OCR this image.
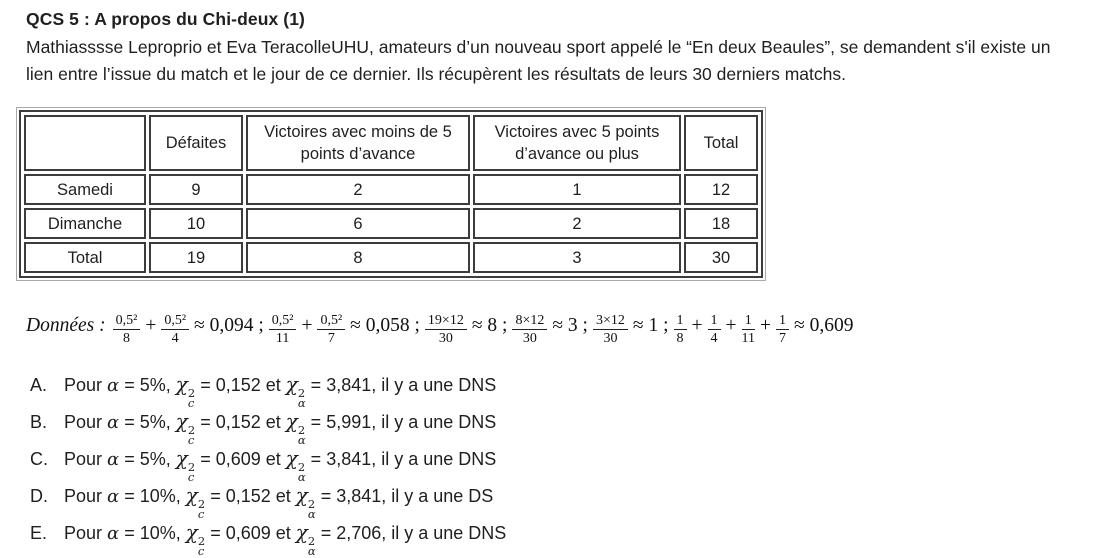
QCS 5 : A propos du Chi-deux (1)
Mathiasssse Leproprio et Eva TeracolleUHU, amateurs d’un nouveau sport appelé le “En deux Beaules”, se demandent s'il existe un lien entre l’issue du match et le jour de ce dernier. Ils récupèrent les résultats de leurs 30 derniers matchs.
	Défaites	Victoires avec moins de 5 points d’avance	Victoires avec 5 points d’avance ou plus	Total
Samedi	9	2	1	12
Dimanche	10	6	2	18
Total	19	8	3	30
Données : $\frac{\text{0,5²}}{8} + \frac{\text{0,5²}}{4} \approx 0,094$ ; $\frac{\text{0,5²}}{11} + \frac{\text{0,5²}}{7} \approx 0,058$ ; $\frac{19\times 12}{30} \approx 8$ ; $\frac{8\times 12}{30} \approx 3$ ; $\frac{3\times 12}{30} \approx 1$ ; $\frac{1}{8} + \frac{1}{4} + \frac{1}{11} + \frac{1}{7} \approx 0,609$
A. Pour α = 5%, χ 2
c
= 0,152 et χ 2
α
= 3,841, il y a une DNS
B. Pour α = 5%, χ 2
c
= 0,152 et χ 2
α
= 5,991, il y a une DNS
C. Pour α = 5%, χ 2
c
= 0,609 et χ 2
α
= 3,841, il y a une DNS
D. Pour α = 10%, χ 2
c
= 0,152 et χ 2
α
= 3,841, il y a une DS
E. Pour α = 10%, χ 2
c
= 0,609 et χ 2
α
= 2,706, il y a une DNS
